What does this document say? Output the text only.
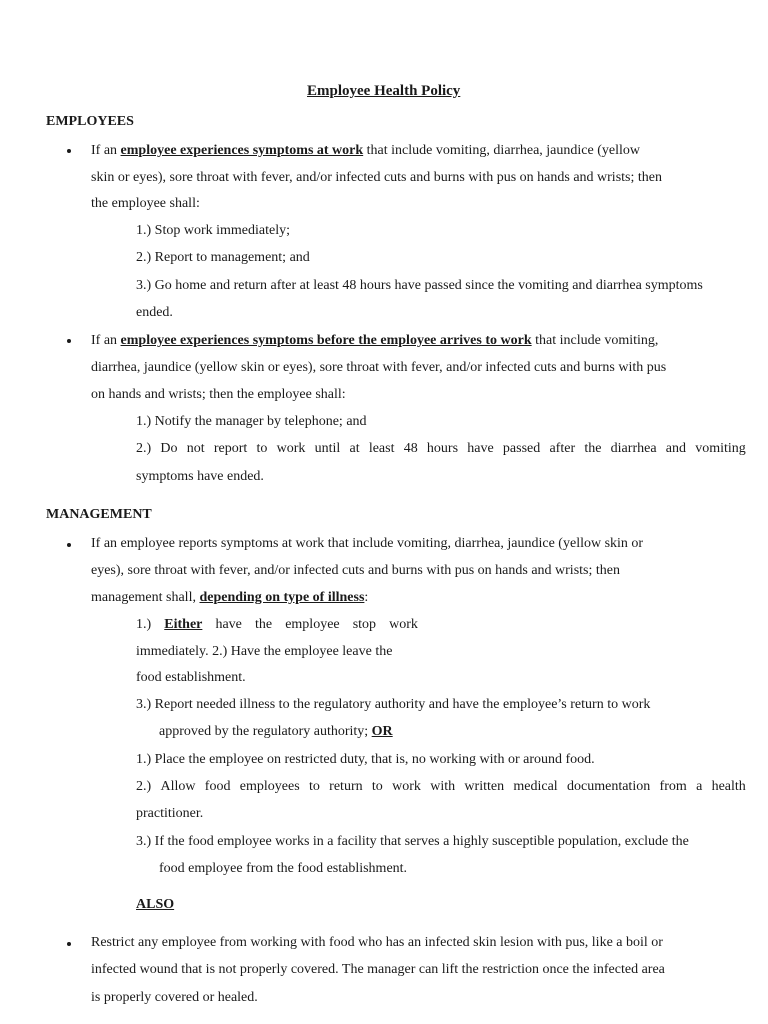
Employee Health Policy
EMPLOYEES
If an employee experiences symptoms at work that include vomiting, diarrhea, jaundice (yellow
skin or eyes), sore throat with fever, and/or infected cuts and burns with pus on hands and wrists; then
the employee shall:
1.) Stop work immediately;
2.) Report to management; and
3.) Go home and return after at least 48 hours have passed since the vomiting and diarrhea symptoms
ended.
If an employee experiences symptoms before the employee arrives to work that include vomiting,
diarrhea, jaundice (yellow skin or eyes), sore throat with fever, and/or infected cuts and burns with pus
on hands and wrists; then the employee shall:
1.) Notify the manager by telephone; and
2.) Do not report to work until at least 48 hours have passed after the diarrhea and vomiting
symptoms have ended.
MANAGEMENT
If an employee reports symptoms at work that include vomiting, diarrhea, jaundice (yellow skin or
eyes), sore throat with fever, and/or infected cuts and burns with pus on hands and wrists; then
management shall, depending on type of illness:
1.) Either have the employee stop work
immediately. 2.) Have the employee leave the
food establishment.
3.) Report needed illness to the regulatory authority and have the employee’s return to work
approved by the regulatory authority; OR
1.) Place the employee on restricted duty, that is, no working with or around food.
2.) Allow food employees to return to work with written medical documentation from a health
practitioner.
3.) If the food employee works in a facility that serves a highly susceptible population, exclude the
food employee from the food establishment.
ALSO
Restrict any employee from working with food who has an infected skin lesion with pus, like a boil or
infected wound that is not properly covered. The manager can lift the restriction once the infected area
is properly covered or healed.
